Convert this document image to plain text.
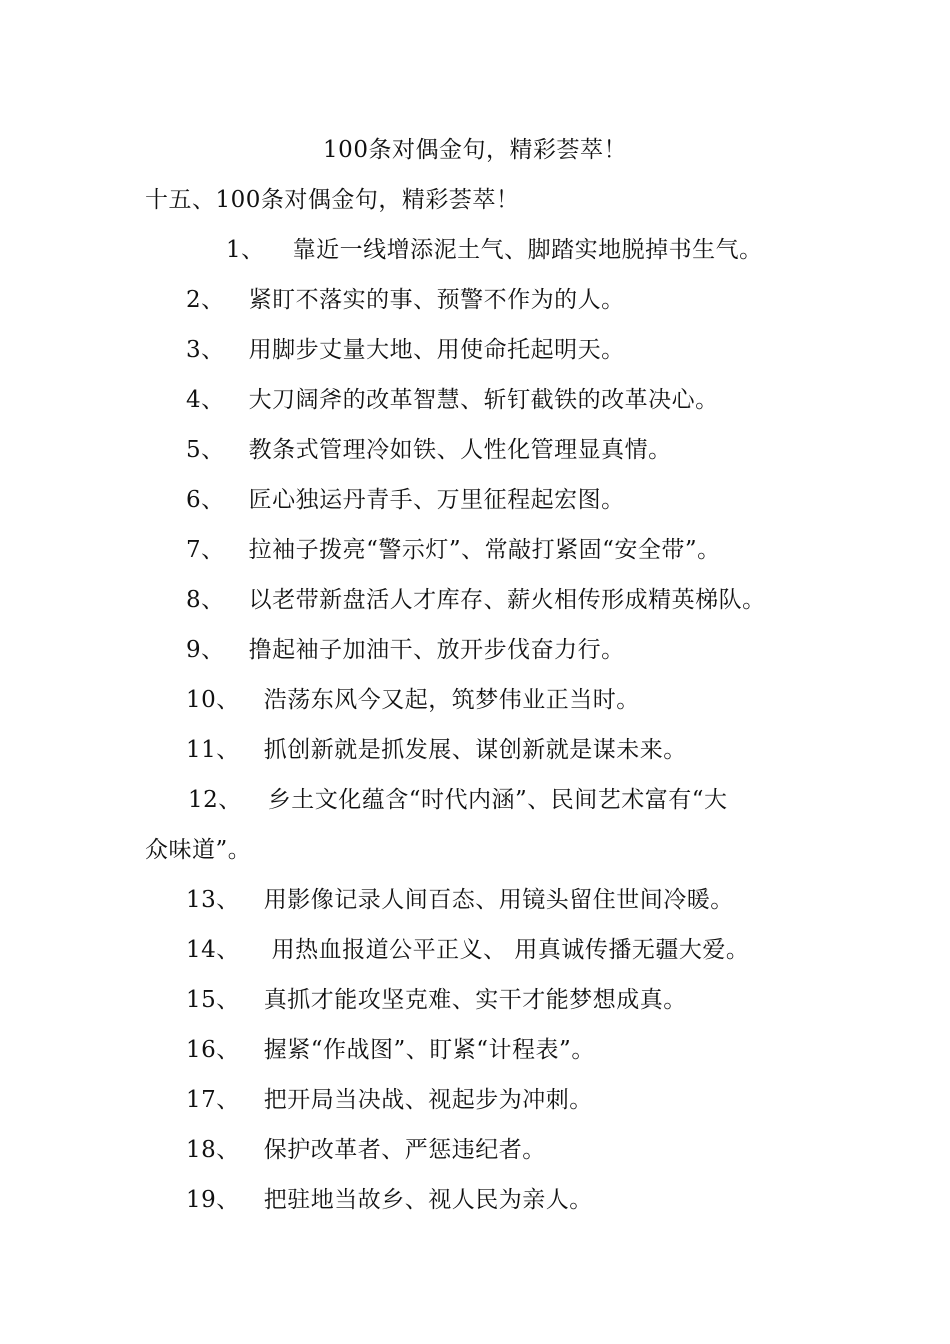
100条对偶金句，精彩荟萃！
十五、100条对偶金句，精彩荟萃！
1、 靠近一线增添泥土气、脚踏实地脱掉书生气。
2、 紧盯不落实的事、预警不作为的人。
3、 用脚步丈量大地、用使命托起明天。
4、 大刀阔斧的改革智慧、斩钉截铁的改革决心。
5、 教条式管理冷如铁、人性化管理显真情。
6、 匠心独运丹青手、万里征程起宏图。
7、 拉袖子拨亮“警示灯”、常敲打紧固“安全带”。
8、 以老带新盘活人才库存、薪火相传形成精英梯队。
9、 撸起袖子加油干、放开步伐奋力行。
10、 浩荡东风今又起，筑梦伟业正当时。
11、 抓创新就是抓发展、谋创新就是谋未来。
12、 乡土文化蕴含“时代内涵”、民间艺术富有“大
众味道”。
13、 用影像记录人间百态、用镜头留住世间冷暖。
14、 用热血报道公平正义、 用真诚传播无疆大爱。
15、 真抓才能攻坚克难、实干才能梦想成真。
16、 握紧“作战图”、盯紧“计程表”。
17、 把开局当决战、视起步为冲刺。
18、 保护改革者、严惩违纪者。
19、 把驻地当故乡、视人民为亲人。
